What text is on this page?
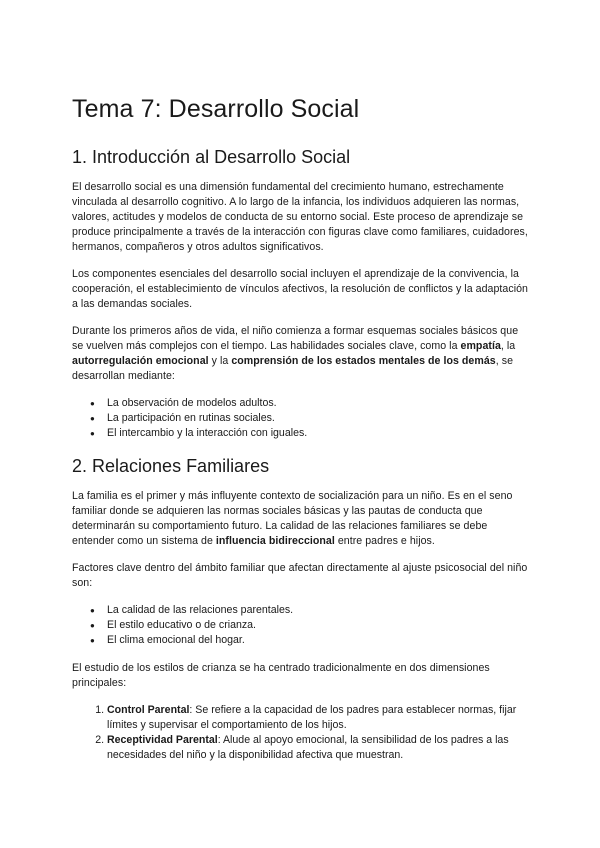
Tema 7: Desarrollo Social
1. Introducción al Desarrollo Social

El desarrollo social es una dimensión fundamental del crecimiento humano, estrechamente vinculada al desarrollo cognitivo. A lo largo de la infancia, los individuos adquieren las normas, valores, actitudes y modelos de conducta de su entorno social. Este proceso de aprendizaje se produce principalmente a través de la interacción con figuras clave como familiares, cuidadores, hermanos, compañeros y otros adultos significativos.

Los componentes esenciales del desarrollo social incluyen el aprendizaje de la convivencia, la cooperación, el establecimiento de vínculos afectivos, la resolución de conflictos y la adaptación a las demandas sociales.

Durante los primeros años de vida, el niño comienza a formar esquemas sociales básicos que se vuelven más complejos con el tiempo. Las habilidades sociales clave, como la empatía, la autorregulación emocional y la comprensión de los estados mentales de los demás, se desarrollan mediante:

● La observación de modelos adultos.
● La participación en rutinas sociales.
● El intercambio y la interacción con iguales.
2. Relaciones Familiares

La familia es el primer y más influyente contexto de socialización para un niño. Es en el seno familiar donde se adquieren las normas sociales básicas y las pautas de conducta que determinarán su comportamiento futuro. La calidad de las relaciones familiares se debe entender como un sistema de influencia bidireccional entre padres e hijos.

Factores clave dentro del ámbito familiar que afectan directamente al ajuste psicosocial del niño son:

● La calidad de las relaciones parentales.
● El estilo educativo o de crianza.
● El clima emocional del hogar.

El estudio de los estilos de crianza se ha centrado tradicionalmente en dos dimensiones principales:

1. Control Parental: Se refiere a la capacidad de los padres para establecer normas, fijar límites y supervisar el comportamiento de los hijos.
2. Receptividad Parental: Alude al apoyo emocional, la sensibilidad de los padres a las necesidades del niño y la disponibilidad afectiva que muestran.
